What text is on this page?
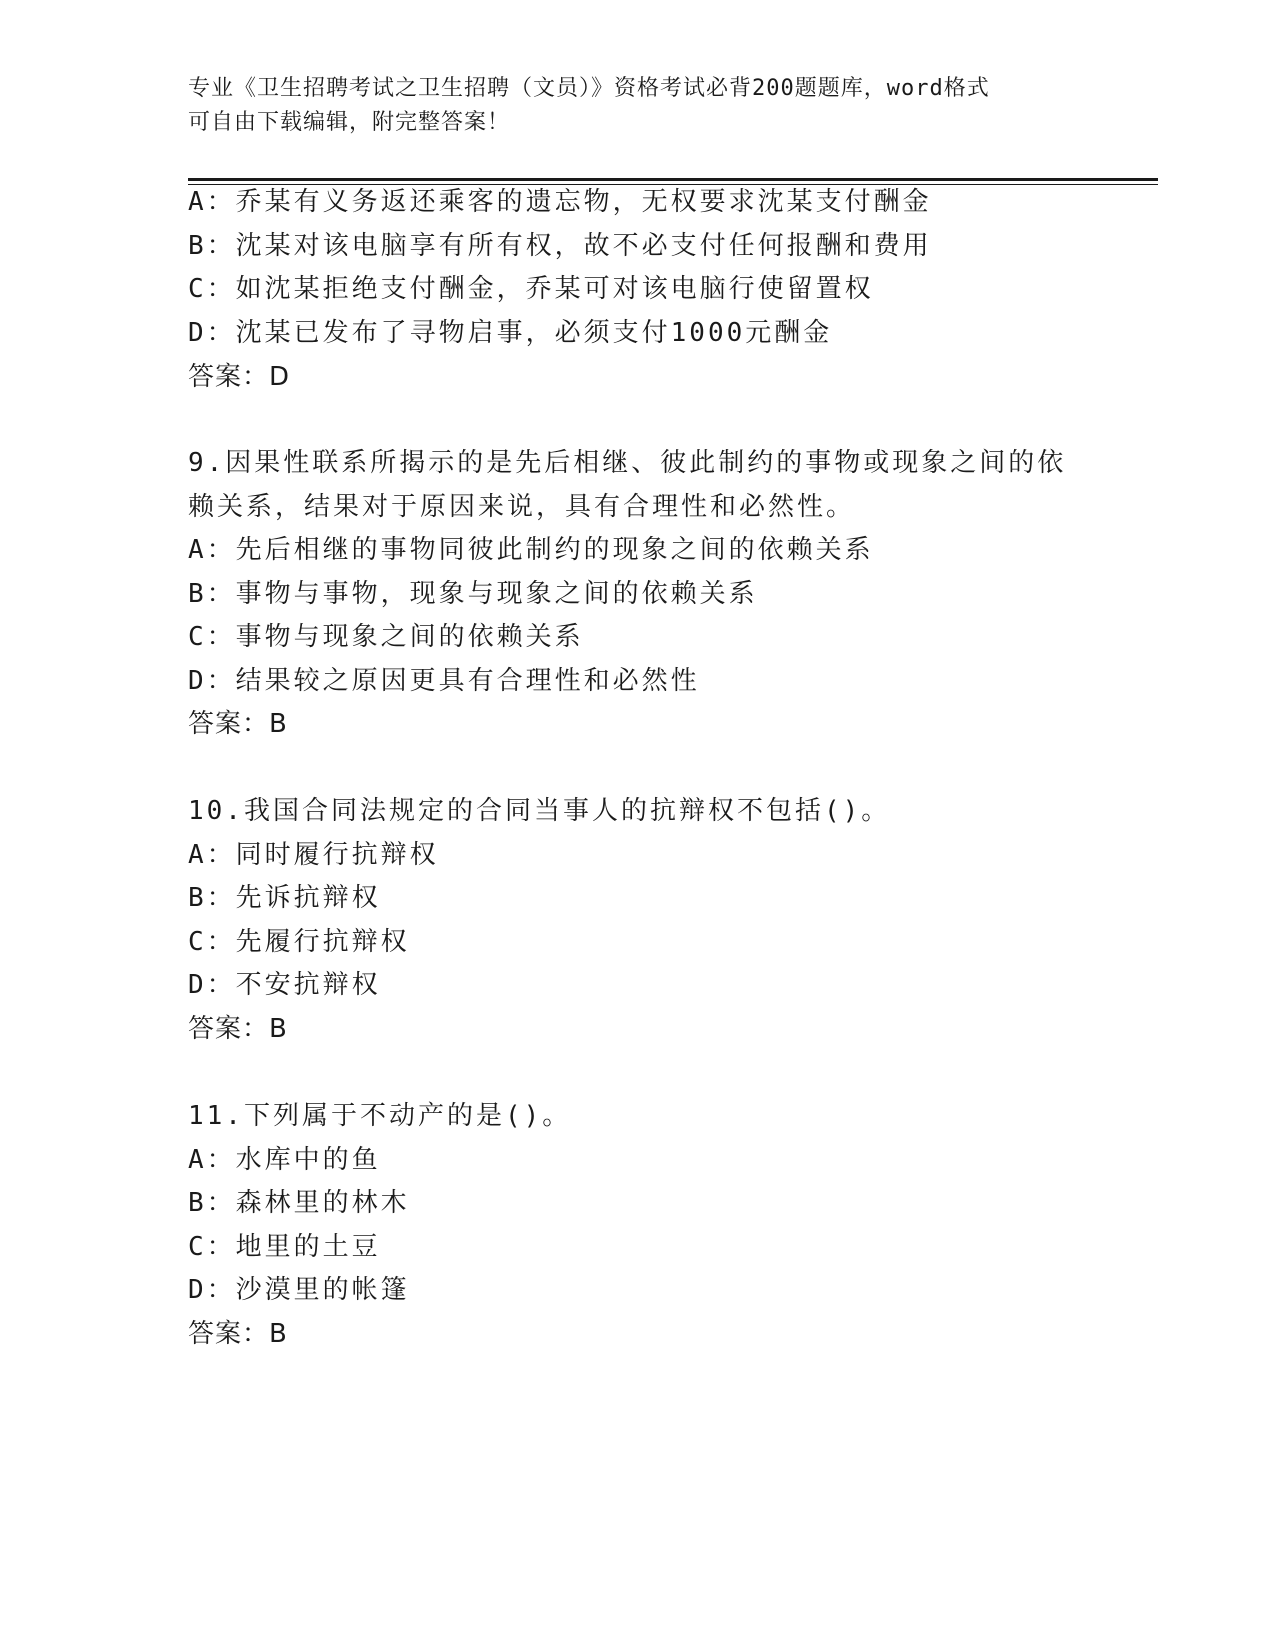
专业《卫生招聘考试之卫生招聘（文员）》资格考试必背200题题库，word格式
可自由下载编辑，附完整答案！
A：乔某有义务返还乘客的遗忘物，无权要求沈某支付酬金
B：沈某对该电脑享有所有权，故不必支付任何报酬和费用
C：如沈某拒绝支付酬金，乔某可对该电脑行使留置权
D：沈某已发布了寻物启事，必须支付1000元酬金
答案：D
9.因果性联系所揭示的是先后相继、彼此制约的事物或现象之间的依
赖关系，结果对于原因来说，具有合理性和必然性。
A：先后相继的事物同彼此制约的现象之间的依赖关系
B：事物与事物，现象与现象之间的依赖关系
C：事物与现象之间的依赖关系
D：结果较之原因更具有合理性和必然性
答案：B
10.我国合同法规定的合同当事人的抗辩权不包括()。
A：同时履行抗辩权
B：先诉抗辩权
C：先履行抗辩权
D：不安抗辩权
答案：B
11.下列属于不动产的是()。
A：水库中的鱼
B：森林里的林木
C：地里的土豆
D：沙漠里的帐篷
答案：B
